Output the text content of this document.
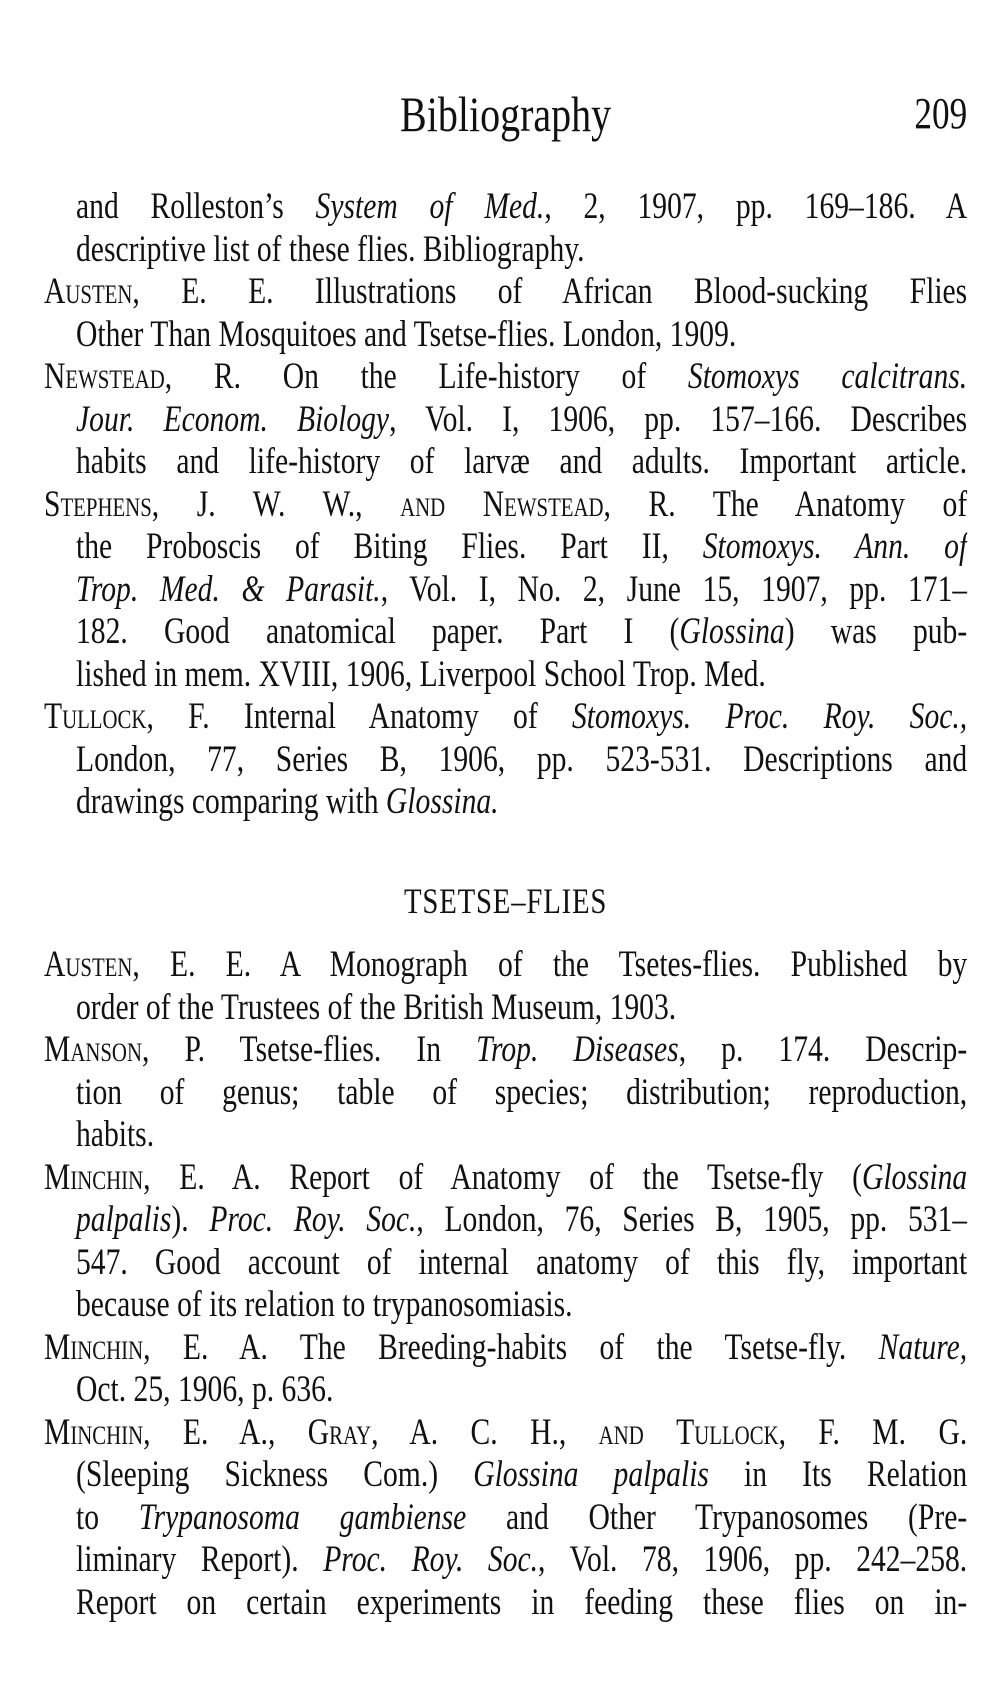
Bibliography	209
and Rolleston’s System of Med., 2, 1907, pp. 169–186. A
descriptive list of these flies. Bibliography.
Austen, E. E. Illustrations of African Blood-sucking Flies
Other Than Mosquitoes and Tsetse-flies. London, 1909.
Newstead, R. On the Life-history of Stomoxys calcitrans.
Jour. Econom. Biology, Vol. I, 1906, pp. 157–166. Describes
habits and life-history of larvæ and adults. Important article.
Stephens, J. W. W., and Newstead, R. The Anatomy of
the Proboscis of Biting Flies. Part II, Stomoxys. Ann. of
Trop. Med. & Parasit., Vol. I, No. 2, June 15, 1907, pp. 171–
182. Good anatomical paper. Part I (Glossina) was pub-
lished in mem. XVIII, 1906, Liverpool School Trop. Med.
Tullock, F. Internal Anatomy of Stomoxys. Proc. Roy. Soc.,
London, 77, Series B, 1906, pp. 523-531. Descriptions and
drawings comparing with Glossina.
TSETSE–FLIES
Austen, E. E. A Monograph of the Tsetes-flies. Published by
order of the Trustees of the British Museum, 1903.
Manson, P. Tsetse-flies. In Trop. Diseases, p. 174. Descrip-
tion of genus; table of species; distribution; reproduction,
habits.
Minchin, E. A. Report of Anatomy of the Tsetse-fly (Glossina
palpalis). Proc. Roy. Soc., London, 76, Series B, 1905, pp. 531–
547. Good account of internal anatomy of this fly, important
because of its relation to trypanosomiasis.
Minchin, E. A. The Breeding-habits of the Tsetse-fly. Nature,
Oct. 25, 1906, p. 636.
Minchin, E. A., Gray, A. C. H., and Tullock, F. M. G.
(Sleeping Sickness Com.) Glossina palpalis in Its Relation
to Trypanosoma gambiense and Other Trypanosomes (Pre-
liminary Report). Proc. Roy. Soc., Vol. 78, 1906, pp. 242–258.
Report on certain experiments in feeding these flies on in-
